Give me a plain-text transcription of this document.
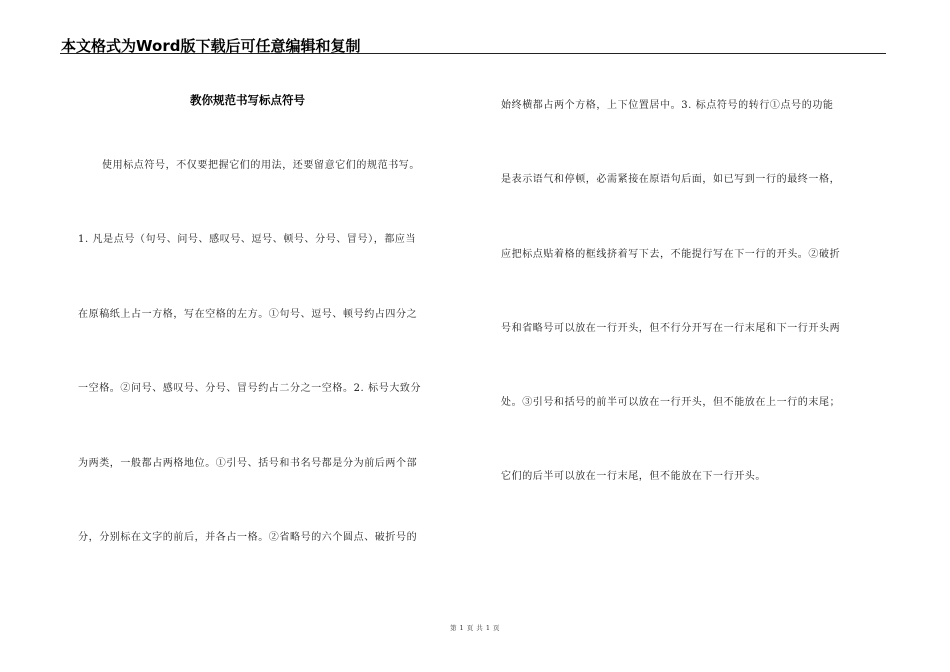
本文格式为Word版下载后可任意编辑和复制
教你规范书写标点符号
使用标点符号，不仅要把握它们的用法，还要留意它们的规范书写。
1. 凡是点号（句号、问号、感叹号、逗号、顿号、分号、冒号），都应当
在原稿纸上占一方格，写在空格的左方。①句号、逗号、顿号约占四分之
一空格。②问号、感叹号、分号、冒号约占二分之一空格。2. 标号大致分
为两类，一般都占两格地位。①引号、括号和书名号都是分为前后两个部
分，分别标在文字的前后，并各占一格。②省略号的六个圆点、破折号的
始终横都占两个方格，上下位置居中。3. 标点符号的转行①点号的功能
是表示语气和停顿，必需紧接在原语句后面，如已写到一行的最终一格，
应把标点贴着格的框线挤着写下去，不能提行写在下一行的开头。②破折
号和省略号可以放在一行开头，但不行分开写在一行末尾和下一行开头两
处。③引号和括号的前半可以放在一行开头，但不能放在上一行的末尾；
它们的后半可以放在一行末尾，但不能放在下一行开头。
第 1 页 共 1 页
